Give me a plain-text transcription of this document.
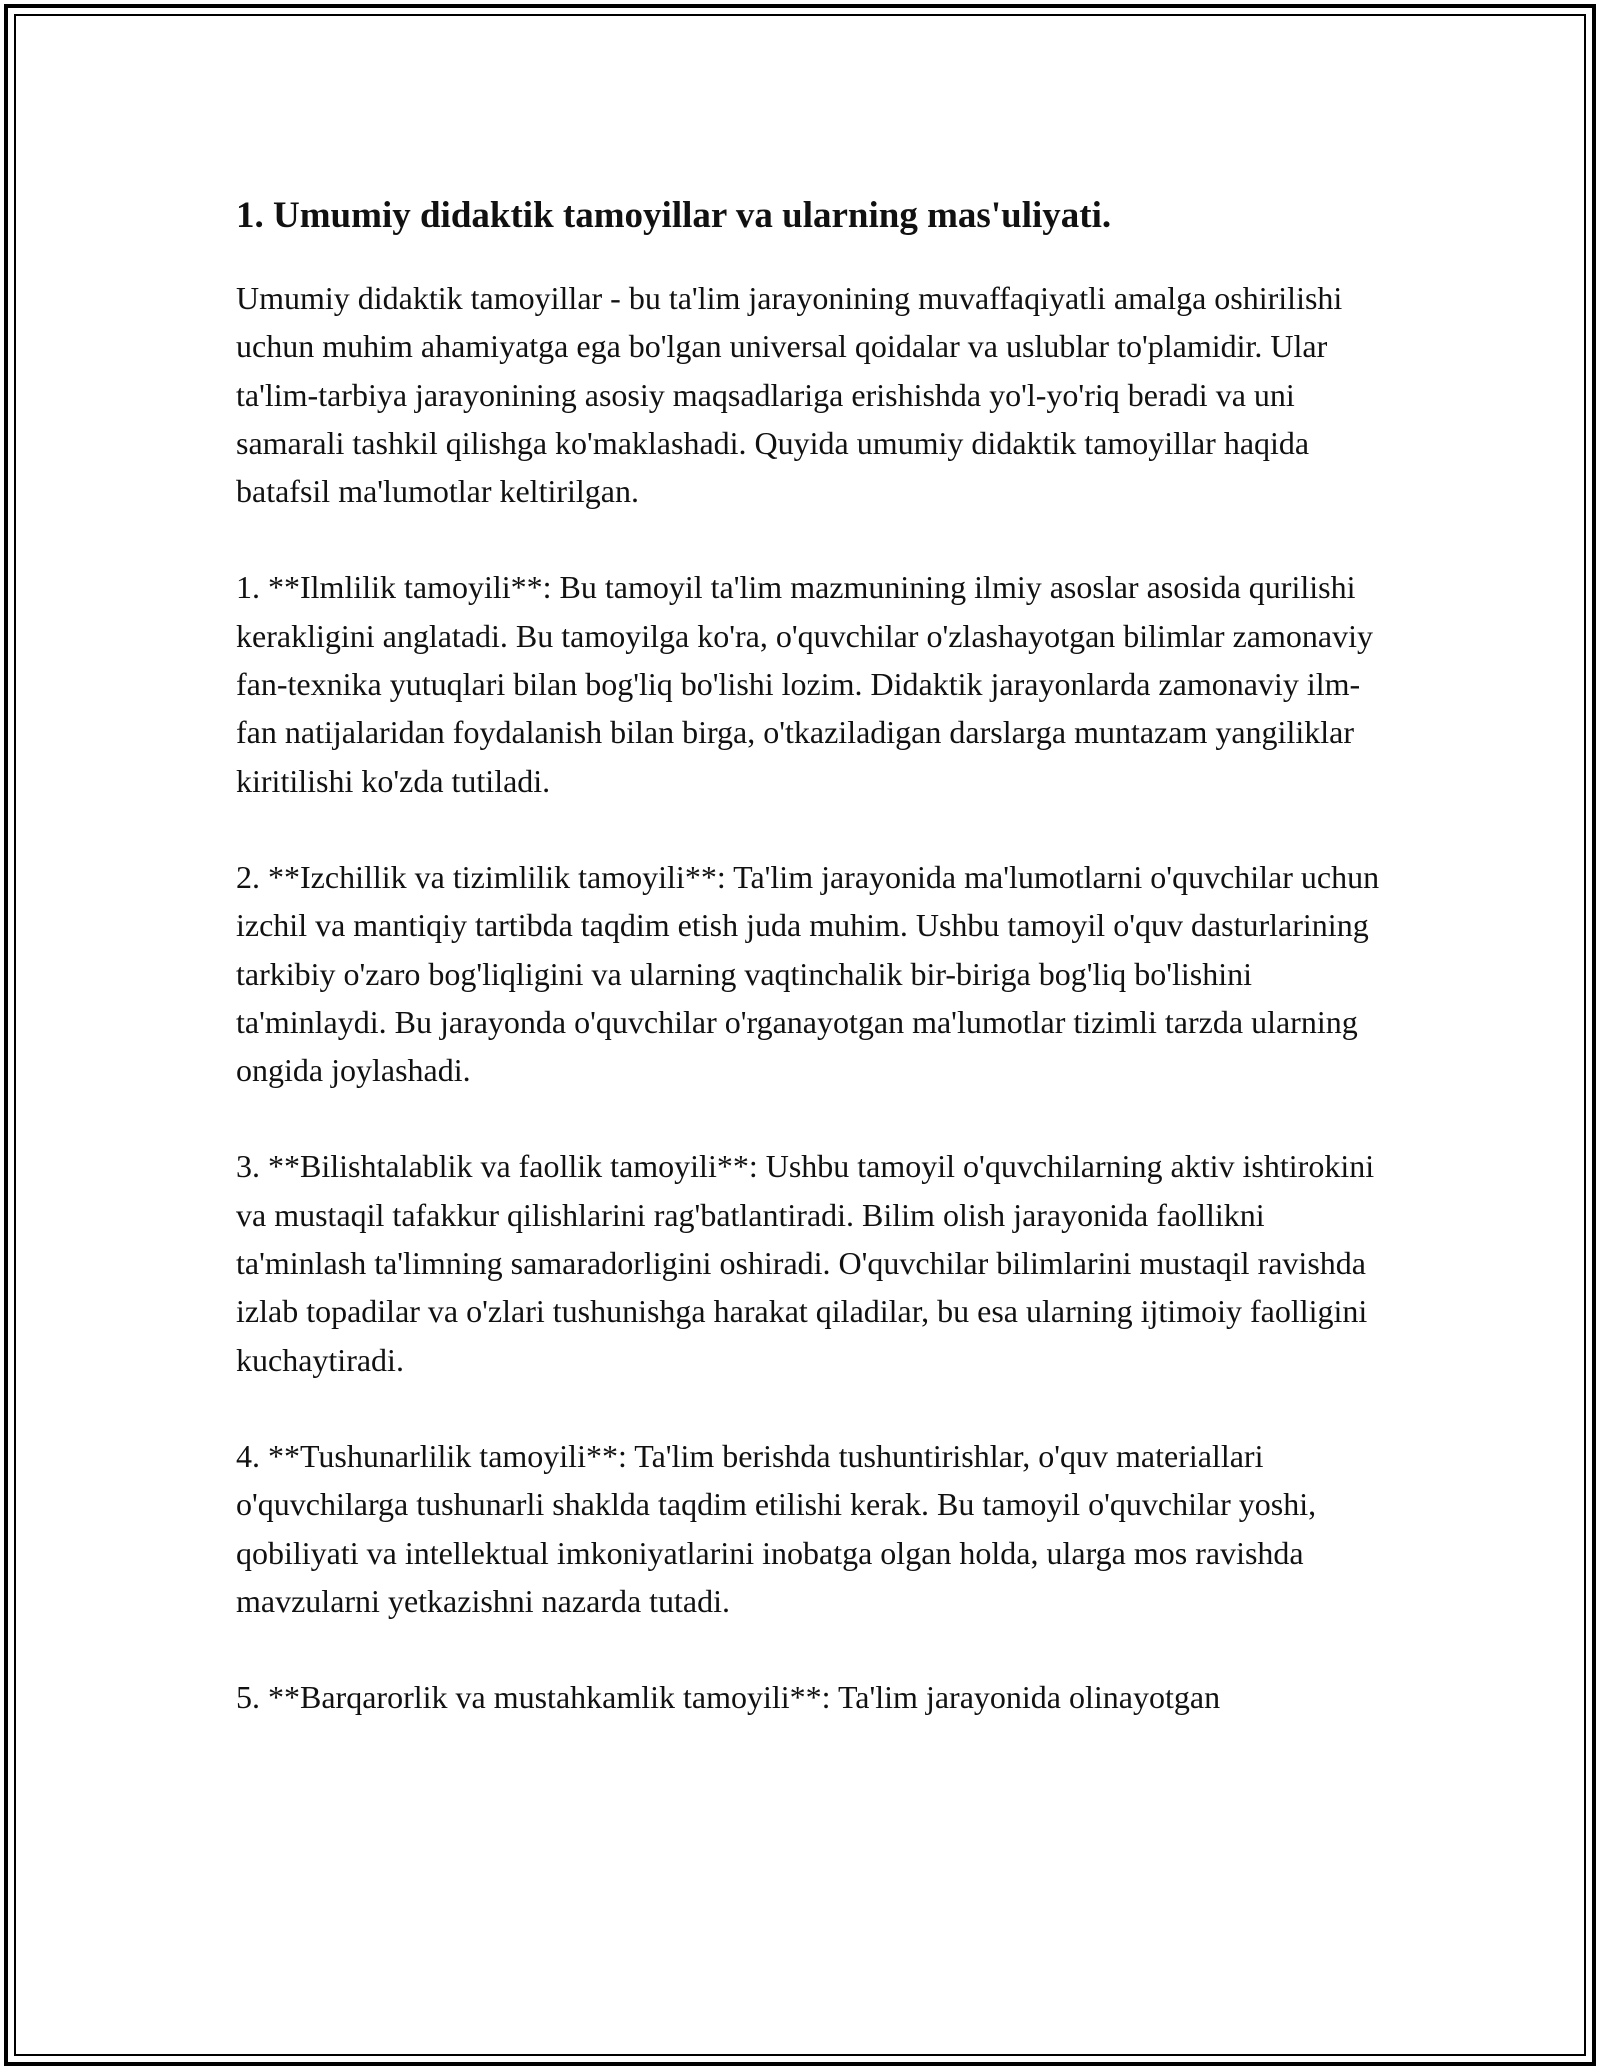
1. Umumiy didaktik tamoyillar va ularning mas'uliyati.

Umumiy didaktik tamoyillar - bu ta'lim jarayonining muvaffaqiyatli amalga oshirilishi uchun muhim ahamiyatga ega bo'lgan universal qoidalar va uslublar to'plamidir. Ular ta'lim-tarbiya jarayonining asosiy maqsadlariga erishishda yo'l-yo'riq beradi va uni samarali tashkil qilishga ko'maklashadi. Quyida umumiy didaktik tamoyillar haqida batafsil ma'lumotlar keltirilgan.

1. **Ilmlilik tamoyili**: Bu tamoyil ta'lim mazmunining ilmiy asoslar asosida qurilishi kerakligini anglatadi. Bu tamoyilga ko'ra, o'quvchilar o'zlashayotgan bilimlar zamonaviy fan-texnika yutuqlari bilan bog'liq bo'lishi lozim. Didaktik jarayonlarda zamonaviy ilm-fan natijalaridan foydalanish bilan birga, o'tkaziladigan darslarga muntazam yangiliklar kiritilishi ko'zda tutiladi.

2. **Izchillik va tizimlilik tamoyili**: Ta'lim jarayonida ma'lumotlarni o'quvchilar uchun izchil va mantiqiy tartibda taqdim etish juda muhim. Ushbu tamoyil o'quv dasturlarining tarkibiy o'zaro bog'liqligini va ularning vaqtinchalik bir-biriga bog'liq bo'lishini ta'minlaydi. Bu jarayonda o'quvchilar o'rganayotgan ma'lumotlar tizimli tarzda ularning ongida joylashadi.

3. **Bilishtalablik va faollik tamoyili**: Ushbu tamoyil o'quvchilarning aktiv ishtirokini va mustaqil tafakkur qilishlarini rag'batlantiradi. Bilim olish jarayonida faollikni ta'minlash ta'limning samaradorligini oshiradi. O'quvchilar bilimlarini mustaqil ravishda izlab topadilar va o'zlari tushunishga harakat qiladilar, bu esa ularning ijtimoiy faolligini kuchaytiradi.

4. **Tushunarlilik tamoyili**: Ta'lim berishda tushuntirishlar, o'quv materiallari o'quvchilarga tushunarli shaklda taqdim etilishi kerak. Bu tamoyil o'quvchilar yoshi, qobiliyati va intellektual imkoniyatlarini inobatga olgan holda, ularga mos ravishda mavzularni yetkazishni nazarda tutadi.

5. **Barqarorlik va mustahkamlik tamoyili**: Ta'lim jarayonida olinayotgan
